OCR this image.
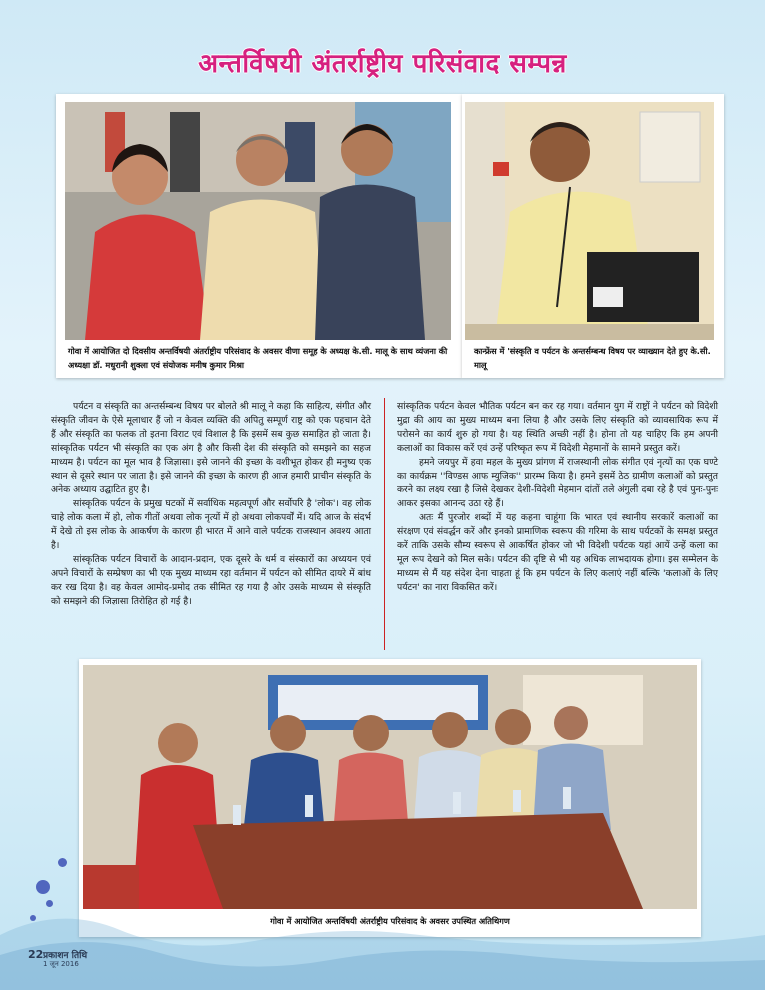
अन्तर्विषयी अंतर्राष्ट्रीय परिसंवाद सम्पन्न
गोवा में आयोजित दो दिवसीय अन्तर्विषयी अंतर्राष्ट्रीय परिसंवाद के अवसर वीणा समूह के अध्यक्ष के.सी. मालू के साथ व्यंजना की अध्यक्षा डॉ. मधुरानी शुक्ला एवं संयोजक मनीष कुमार मिश्रा
कान्फ्रेंस में 'संस्कृति व पर्यटन के अन्तर्सम्बन्ध विषय पर व्याख्यान देते हुए के.सी. मालू

पर्यटन व संस्कृति का अन्तर्सम्बन्ध विषय पर बोलते श्री मालू ने कहा कि साहित्य, संगीत और संस्कृति जीवन के ऐसे मूलाधार हैं जो न केवल व्यक्ति की अपितु सम्पूर्ण राष्ट्र को एक पहचान देते हैं और संस्कृति का फलक तो इतना विराट एवं विशाल है कि इसमें सब कुछ समाहित हो जाता है। सांस्कृतिक पर्यटन भी संस्कृति का एक अंग है और किसी देश की संस्कृति को समझने का सहज माध्यम है। पर्यटन का मूल भाव है जिज्ञासा। इसे जानने की इच्छा के वशीभूत होकर ही मनुष्य एक स्थान से दूसरे स्थान पर जाता है। इसे जानने की इच्छा के कारण ही आज हमारी प्राचीन संस्कृति के अनेक अध्याय उद्घाटित हुए है।

सांस्कृतिक पर्यटन के प्रमुख घटकों में सर्वाधिक महत्वपूर्ण और सर्वोपरि है 'लोक'। वह लोक चाहे लोक कला में हो, लोक गीतों अथवा लोक नृत्यों में हो अथवा लोकपर्वों में। यदि आज के संदर्भ में देखे तो इस लोक के आकर्षण के कारण ही भारत में आने वाले पर्यटक राजस्थान अवश्य आता है।

सांस्कृतिक पर्यटन विचारों के आदान-प्रदान, एक दूसरे के धर्म व संस्कारों का अध्ययन एवं अपने विचारों के सम्प्रेषण का भी एक मुख्य माध्यम रहा वर्तमान में पर्यटन को सीमित दायरे में बांध कर रख दिया है। वह केवल आमोद-प्रमोद तक सीमित रह गया है ओर उसके माध्यम से संस्कृति को समझने की जिज्ञासा तिरोहित हो गई है।

सांस्कृतिक पर्यटन केवल भौतिक पर्यटन बन कर रह गया। वर्तमान युग में राष्ट्रों ने पर्यटन को विदेशी मुद्रा की आय का मुख्य माध्यम बना लिया है और उसके लिए संस्कृति को व्यावसायिक रूप में परोसने का कार्य शुरु हो गया है। यह स्थिति अच्छी नहीं है। होना तो यह चाहिए कि हम अपनी कलाओं का विकास करें एवं उन्हें परिष्कृत रूप में विदेशी मेहमानों के सामने प्रस्तुत करें।

हमने जयपुर में हवा महल के मुख्य प्रांगण में राजस्थानी लोक संगीत एवं नृत्यों का एक घण्टे का कार्यक्रम ''विण्डस आफ म्युजिक'' प्रारम्भ किया है। हमने इसमें ठेठ ग्रामीण कलाओं को प्रस्तुत करने का लक्ष्य रखा है जिसे देखकर देशी-विदेशी मेहमान दांतों तले अंगुली दबा रहे है एवं पुनः-पुनः आकर इसका आनन्द उठा रहे हैं।

अतः मैं पुरजोर शब्दों में यह कहना चाहूंगा कि भारत एवं स्थानीय सरकारें कलाओं का संरक्षण एवं संवर्द्धन करें और इनको प्रामाणिक स्वरूप की गरिमा के साथ पर्यटकों के समक्ष प्रस्तुत करें ताकि उसके सौम्य स्वरूप से आकर्षित होकर जो भी विदेशी पर्यटक यहां आयें उन्हें कला का मूल रूप देखने को मिल सके। पर्यटन की दृष्टि से भी यह अधिक लाभदायक होगा। इस सम्मेलन के माध्यम से मैं यह संदेश देना चाहता हूं कि हम पर्यटन के लिए कलाएं नहीं बल्कि 'कलाओं के लिए पर्यटन' का नारा विकसित करें।

गोवा में आयोजित अन्तर्विषयी अंतर्राष्ट्रीय परिसंवाद के अवसर उपस्थित अतिथिगण
22 प्रकाशन तिथि
1 जून 2016
